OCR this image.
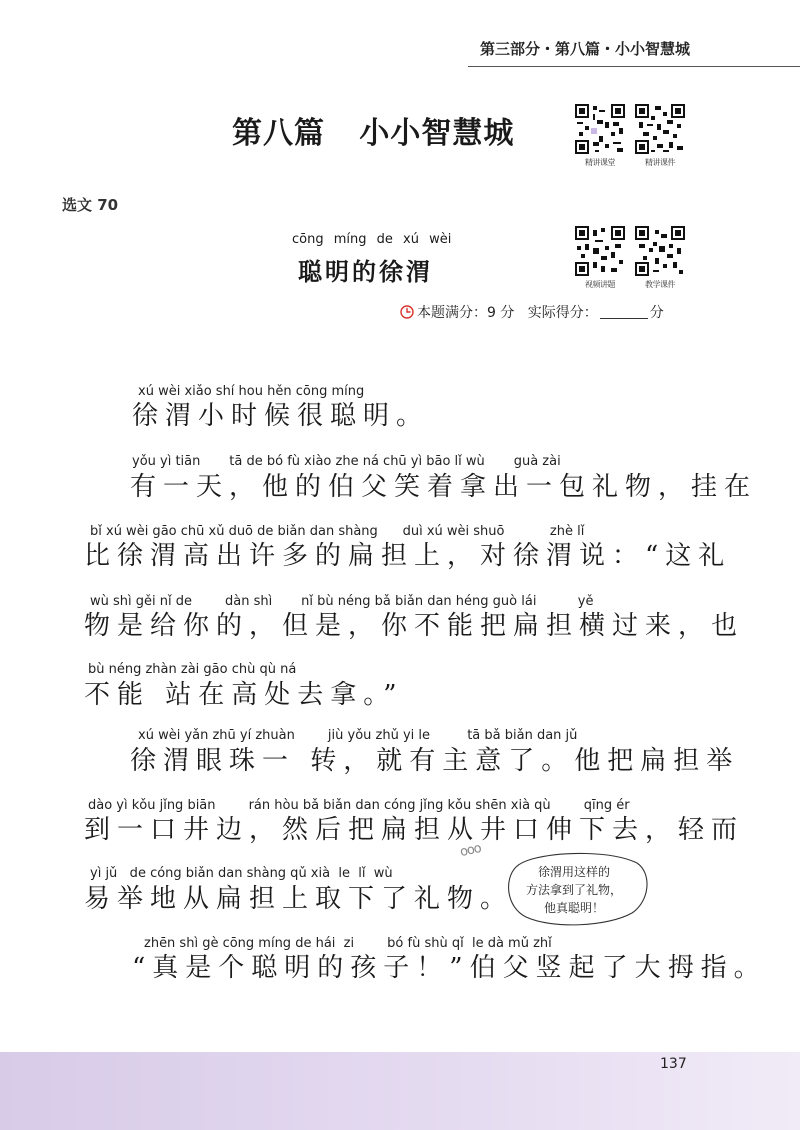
第三部分・第八篇・小小智慧城
第八篇   小小智慧城
精讲课堂	精讲课件
选文 70
cōng míng de xú wèi
聪明的徐渭	视频讲题	教学课件
本题满分：9 分 实际得分：	分
xú wèi xiǎo shí hou hěn cōng míng
徐渭小时候很聪明。
yǒu yì tiān       tā de bó fù xiào zhe ná chū yì bāo lǐ wù       guà zài
有一天，他的伯父笑着拿出一包礼物，挂在
bǐ xú wèi gāo chū xǔ duō de biǎn dan shàng      duì xú wèi shuō           zhè lǐ
比徐渭高出许多的扁担上，对徐渭说：“这礼
wù shì gěi nǐ de        dàn shì       nǐ bù néng bǎ biǎn dan héng guò lái          yě
物是给你的，但是，你不能把扁担横过来，也
bù néng zhàn zài gāo chù qù ná
不能 站在高处去拿。”
xú wèi yǎn zhū yí zhuàn        jiù yǒu zhǔ yi le         tā bǎ biǎn dan jǔ
徐渭眼珠一 转，就有主意了。他把扁担举
dào yì kǒu jǐng biān        rán hòu bǎ biǎn dan cóng jǐng kǒu shēn xià qù        qīng ér
到一口井边，然后把扁担从井口伸下去，轻而
yì jǔ   de cóng biǎn dan shàng qǔ xià  le  lǐ  wù
易举地从扁担上取下了礼物。
zhēn shì gè cōng míng de hái  zi        bó fù shù qǐ  le dà mǔ zhǐ
“真是个聪明的孩子！”伯父竖起了大拇指。
ooo
徐渭用这样的
方法拿到了礼物，
他真聪明！
137
